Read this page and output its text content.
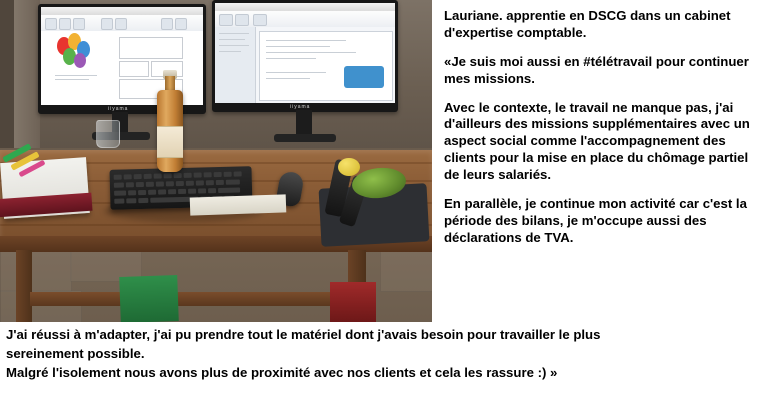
iiyama	iiyama

Lauriane. apprentie en DSCG dans un cabinet d'expertise comptable.

«Je suis moi aussi en #télétravail pour continuer mes missions.

Avec le contexte, le travail ne manque pas, j'ai d'ailleurs des missions supplémentaires avec un aspect social comme l'accompagnement des clients pour la mise en place du chômage partiel de leurs salariés.

En parallèle, je continue mon activité car c'est la période des bilans, je m'occupe aussi des déclarations de TVA.

J'ai réussi à m'adapter, j'ai pu prendre tout le matériel dont j'avais besoin pour travailler le plus

sereinement possible.

Malgré l'isolement nous avons plus de proximité avec nos clients et cela les rassure :) »
